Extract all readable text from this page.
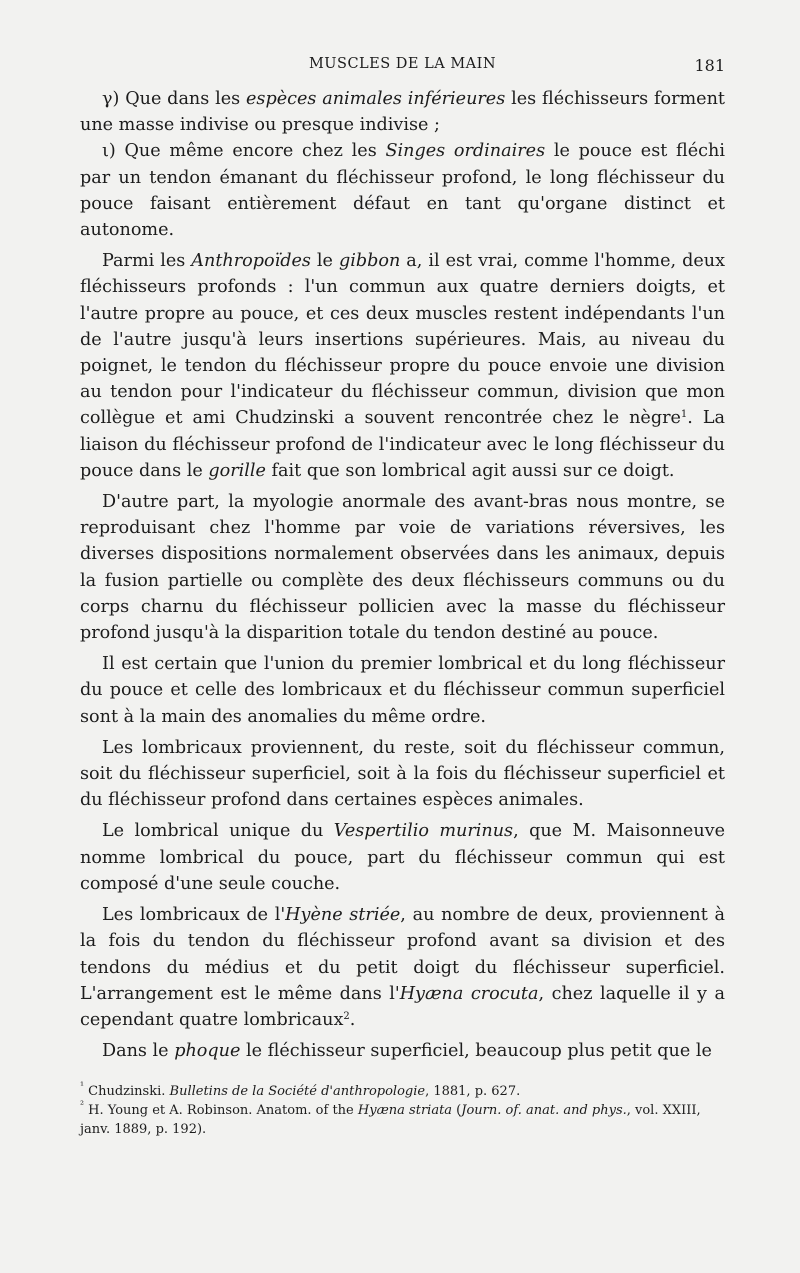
MUSCLES DE LA MAIN	181

γ) Que dans les espèces animales inférieures les fléchisseurs forment une masse indivise ou presque indivise ;

ι) Que même encore chez les Singes ordinaires le pouce est fléchi par un tendon émanant du fléchisseur profond, le long fléchisseur du pouce faisant entièrement défaut en tant qu'organe distinct et autonome.

Parmi les Anthropoïdes le gibbon a, il est vrai, comme l'homme, deux fléchisseurs profonds : l'un commun aux quatre derniers doigts, et l'autre propre au pouce, et ces deux muscles restent indépendants l'un de l'autre jusqu'à leurs insertions supérieures. Mais, au niveau du poignet, le tendon du fléchisseur propre du pouce envoie une division au tendon pour l'indicateur du fléchisseur commun, division que mon collègue et ami Chudzinski a souvent rencontrée chez le nègre$^1$. La liaison du fléchisseur profond de l'indicateur avec le long fléchisseur du pouce dans le gorille fait que son lombrical agit aussi sur ce doigt.

D'autre part, la myologie anormale des avant-bras nous montre, se reproduisant chez l'homme par voie de variations réversives, les diverses dispositions normalement observées dans les animaux, depuis la fusion partielle ou complète des deux fléchisseurs communs ou du corps charnu du fléchisseur pollicien avec la masse du fléchisseur profond jusqu'à la disparition totale du tendon destiné au pouce.

Il est certain que l'union du premier lombrical et du long fléchisseur du pouce et celle des lombricaux et du fléchisseur commun superficiel sont à la main des anomalies du même ordre.

Les lombricaux proviennent, du reste, soit du fléchisseur commun, soit du fléchisseur superficiel, soit à la fois du fléchisseur superficiel et du fléchisseur profond dans certaines espèces animales.

Le lombrical unique du Vespertilio murinus, que M. Maisonneuve nomme lombrical du pouce, part du fléchisseur commun qui est composé d'une seule couche.

Les lombricaux de l'Hyène striée, au nombre de deux, proviennent à la fois du tendon du fléchisseur profond avant sa division et des tendons du médius et du petit doigt du fléchisseur superficiel. L'arrangement est le même dans l'Hyæna crocuta, chez laquelle il y a cependant quatre lombricaux$^2$.

Dans le phoque le fléchisseur superficiel, beaucoup plus petit que le

$^{^1}$ Chudzinski. Bulletins de la Société d'anthropologie, 1881, p. 627.

$^{^2}$ H. Young et A. Robinson. Anatom. of the Hyæna striata (Journ. of. anat. and phys., vol. XXIII, janv. 1889, p. 192).
